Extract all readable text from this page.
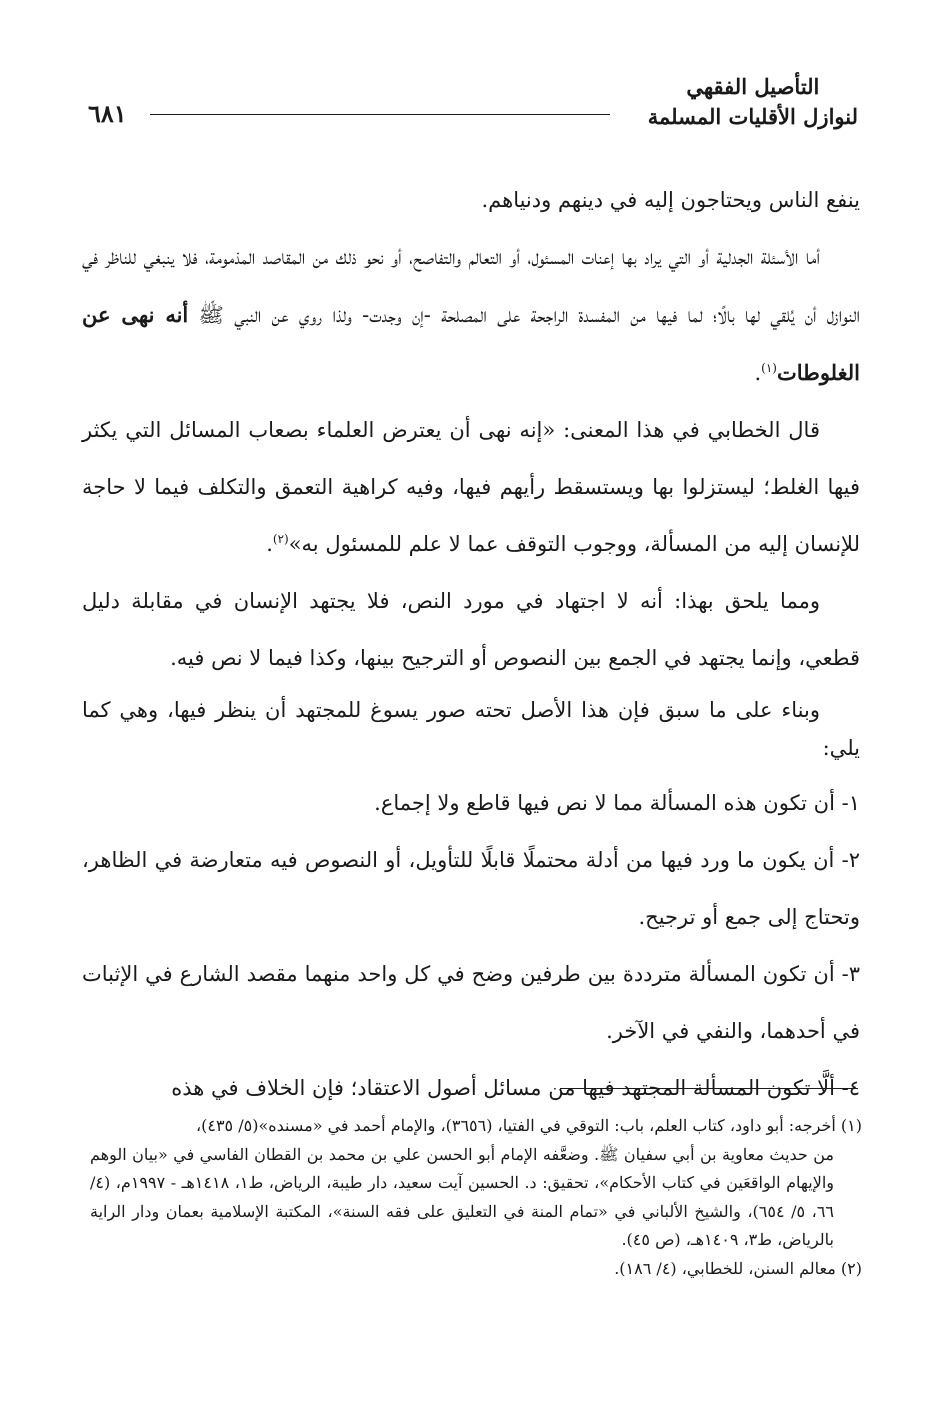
التأصيل الفقهي
لنوازل الأقليات المسلمة
٦٨١

ينفع الناس ويحتاجون إليه في دينهم ودنياهم.

أما الأسئلة الجدلية أو التي يراد بها إعنات المسئول، أو التعالم والتفاصح، أو نحو ذلك من المقاصد المذمومة، فلا ينبغي للناظر في النوازل أن يُلقي لها بالًا؛ لما فيها من المفسدة الراجحة على المصلحة -إن وجدت- ولذا روي عن النبي ﷺ أنه نهى عن الغلوطات$^{(١)}$.

قال الخطابي في هذا المعنى: «إنه نهى أن يعترض العلماء بصعاب المسائل التي يكثر فيها الغلط؛ ليستزلوا بها ويستسقط رأيهم فيها، وفيه كراهية التعمق والتكلف فيما لا حاجة للإنسان إليه من المسألة، ووجوب التوقف عما لا علم للمسئول به»$^{(٢)}$.

ومما يلحق بهذا: أنه لا اجتهاد في مورد النص، فلا يجتهد الإنسان في مقابلة دليل قطعي، وإنما يجتهد في الجمع بين النصوص أو الترجيح بينها، وكذا فيما لا نص فيه.

وبناء على ما سبق فإن هذا الأصل تحته صور يسوغ للمجتهد أن ينظر فيها، وهي كما يلي:

١- أن تكون هذه المسألة مما لا نص فيها قاطع ولا إجماع.

٢- أن يكون ما ورد فيها من أدلة محتملًا قابلًا للتأويل، أو النصوص فيه متعارضة في الظاهر، وتحتاج إلى جمع أو ترجيح.

٣- أن تكون المسألة مترددة بين طرفين وضح في كل واحد منهما مقصد الشارع في الإثبات في أحدهما، والنفي في الآخر.

٤- ألَّا تكون المسألة المجتهد فيها من مسائل أصول الاعتقاد؛ فإن الخلاف في هذه

(١) أخرجه: أبو داود، كتاب العلم، باب: التوقي في الفتيا، (٣٦٥٦)، والإمام أحمد في «مسنده»(٥/ ٤٣٥)،
من حديث معاوية بن أبي سفيان ﷺ. وضعَّفه الإمام أبو الحسن علي بن محمد بن القطان الفاسي في «بيان الوهم والإيهام الواقعَين في كتاب الأحكام»، تحقيق: د. الحسين آيت سعيد، دار طيبة، الرياض، ط١، ١٤١٨هـ - ١٩٩٧م، (٤/ ٦٦، ٥/ ٦٥٤)، والشيخ الألباني في «تمام المنة في التعليق على فقه السنة»، المكتبة الإسلامية بعمان ودار الراية بالرياض، ط٣، ١٤٠٩هـ، (ص ٤٥).

(٢) معالم السنن، للخطابي، (٤/ ١٨٦).
